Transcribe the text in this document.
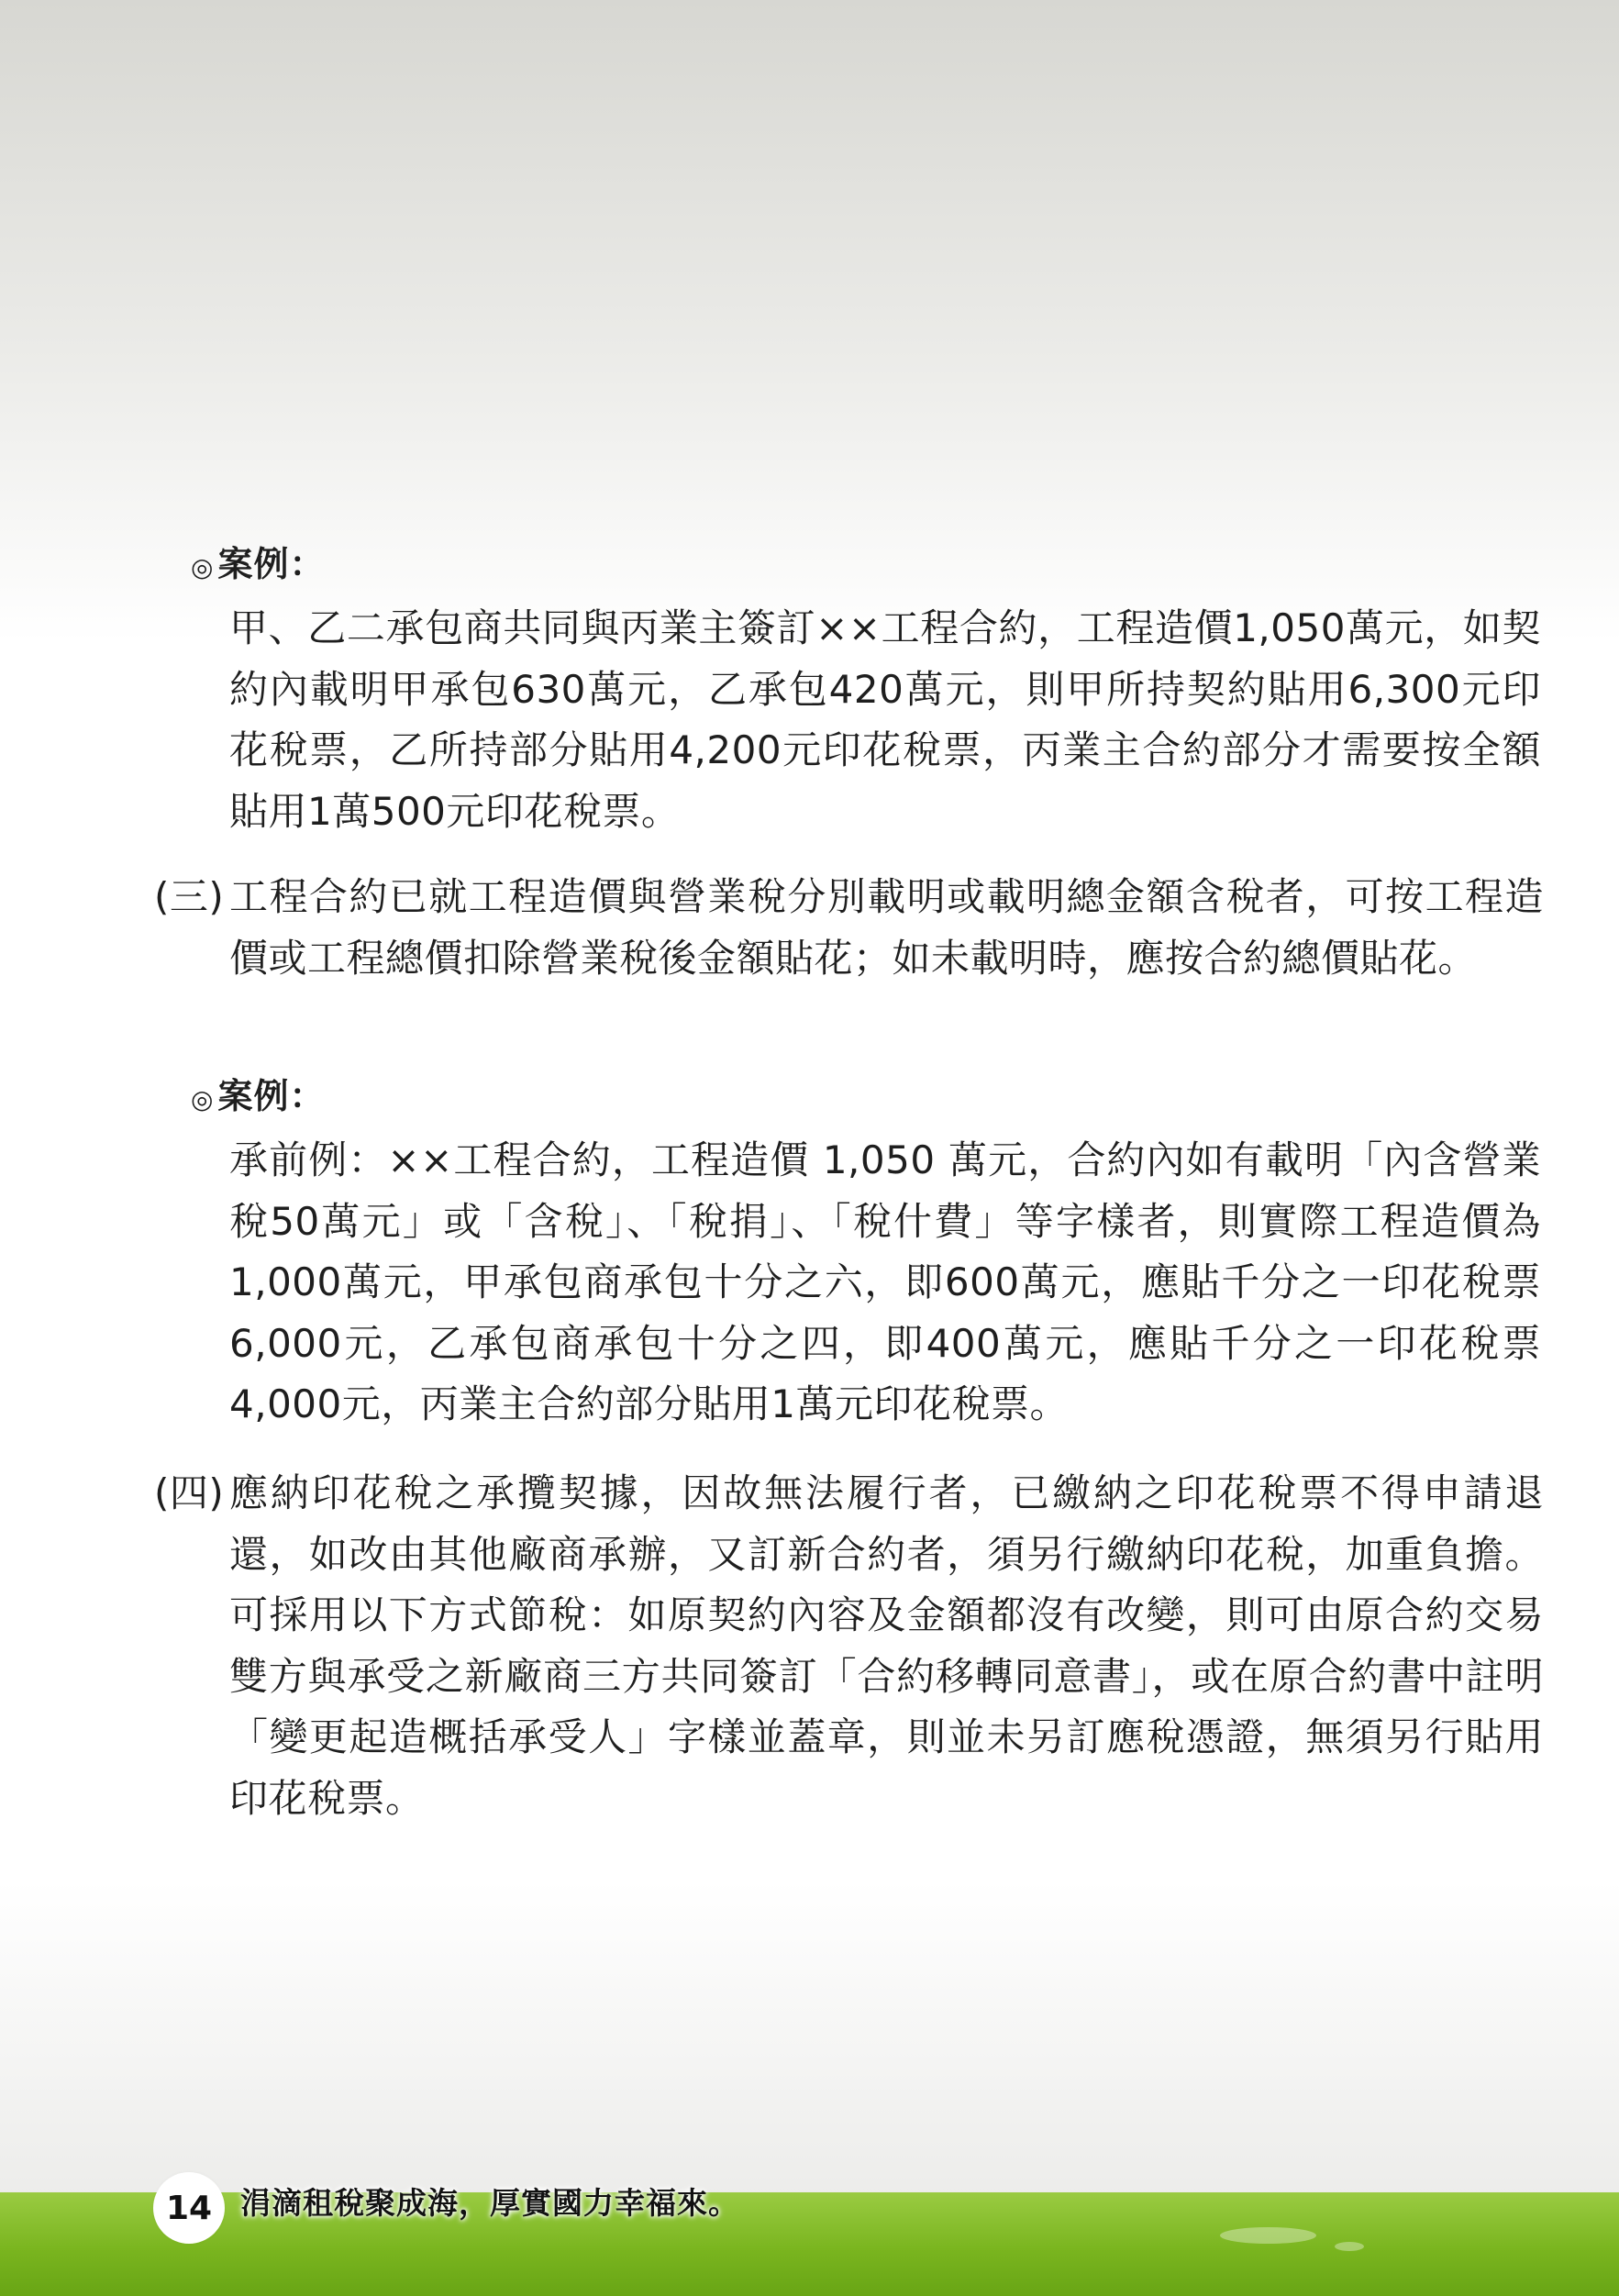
◎ 案例：
甲、乙二承包商共同與丙業主簽訂××工程合約，工程造價1,050萬元，如契約內載明甲承包630萬元，乙承包420萬元，則甲所持契約貼用6,300元印花稅票，乙所持部分貼用4,200元印花稅票，丙業主合約部分才需要按全額貼用1萬500元印花稅票。
(三) 工程合約已就工程造價與營業稅分別載明或載明總金額含稅者，可按工程造價或工程總價扣除營業稅後金額貼花；如未載明時，應按合約總價貼花。
◎ 案例：
承前例：××工程合約，工程造價 1,050 萬元，合約內如有載明「內含營業稅50萬元」或「含稅」、「稅捐」、「稅什費」等字樣者，則實際工程造價為1,000萬元，甲承包商承包十分之六，即600萬元，應貼千分之一印花稅票6,000元，乙承包商承包十分之四，即400萬元，應貼千分之一印花稅票4,000元，丙業主合約部分貼用1萬元印花稅票。
(四) 應納印花稅之承攬契據，因故無法履行者，已繳納之印花稅票不得申請退還，如改由其他廠商承辦，又訂新合約者，須另行繳納印花稅，加重負擔。可採用以下方式節稅：如原契約內容及金額都沒有改變，則可由原合約交易雙方與承受之新廠商三方共同簽訂「合約移轉同意書」，或在原合約書中註明「變更起造概括承受人」字樣並蓋章，則並未另訂應稅憑證，無須另行貼用印花稅票。
14 涓滴租稅聚成海，厚實國力幸福來。
